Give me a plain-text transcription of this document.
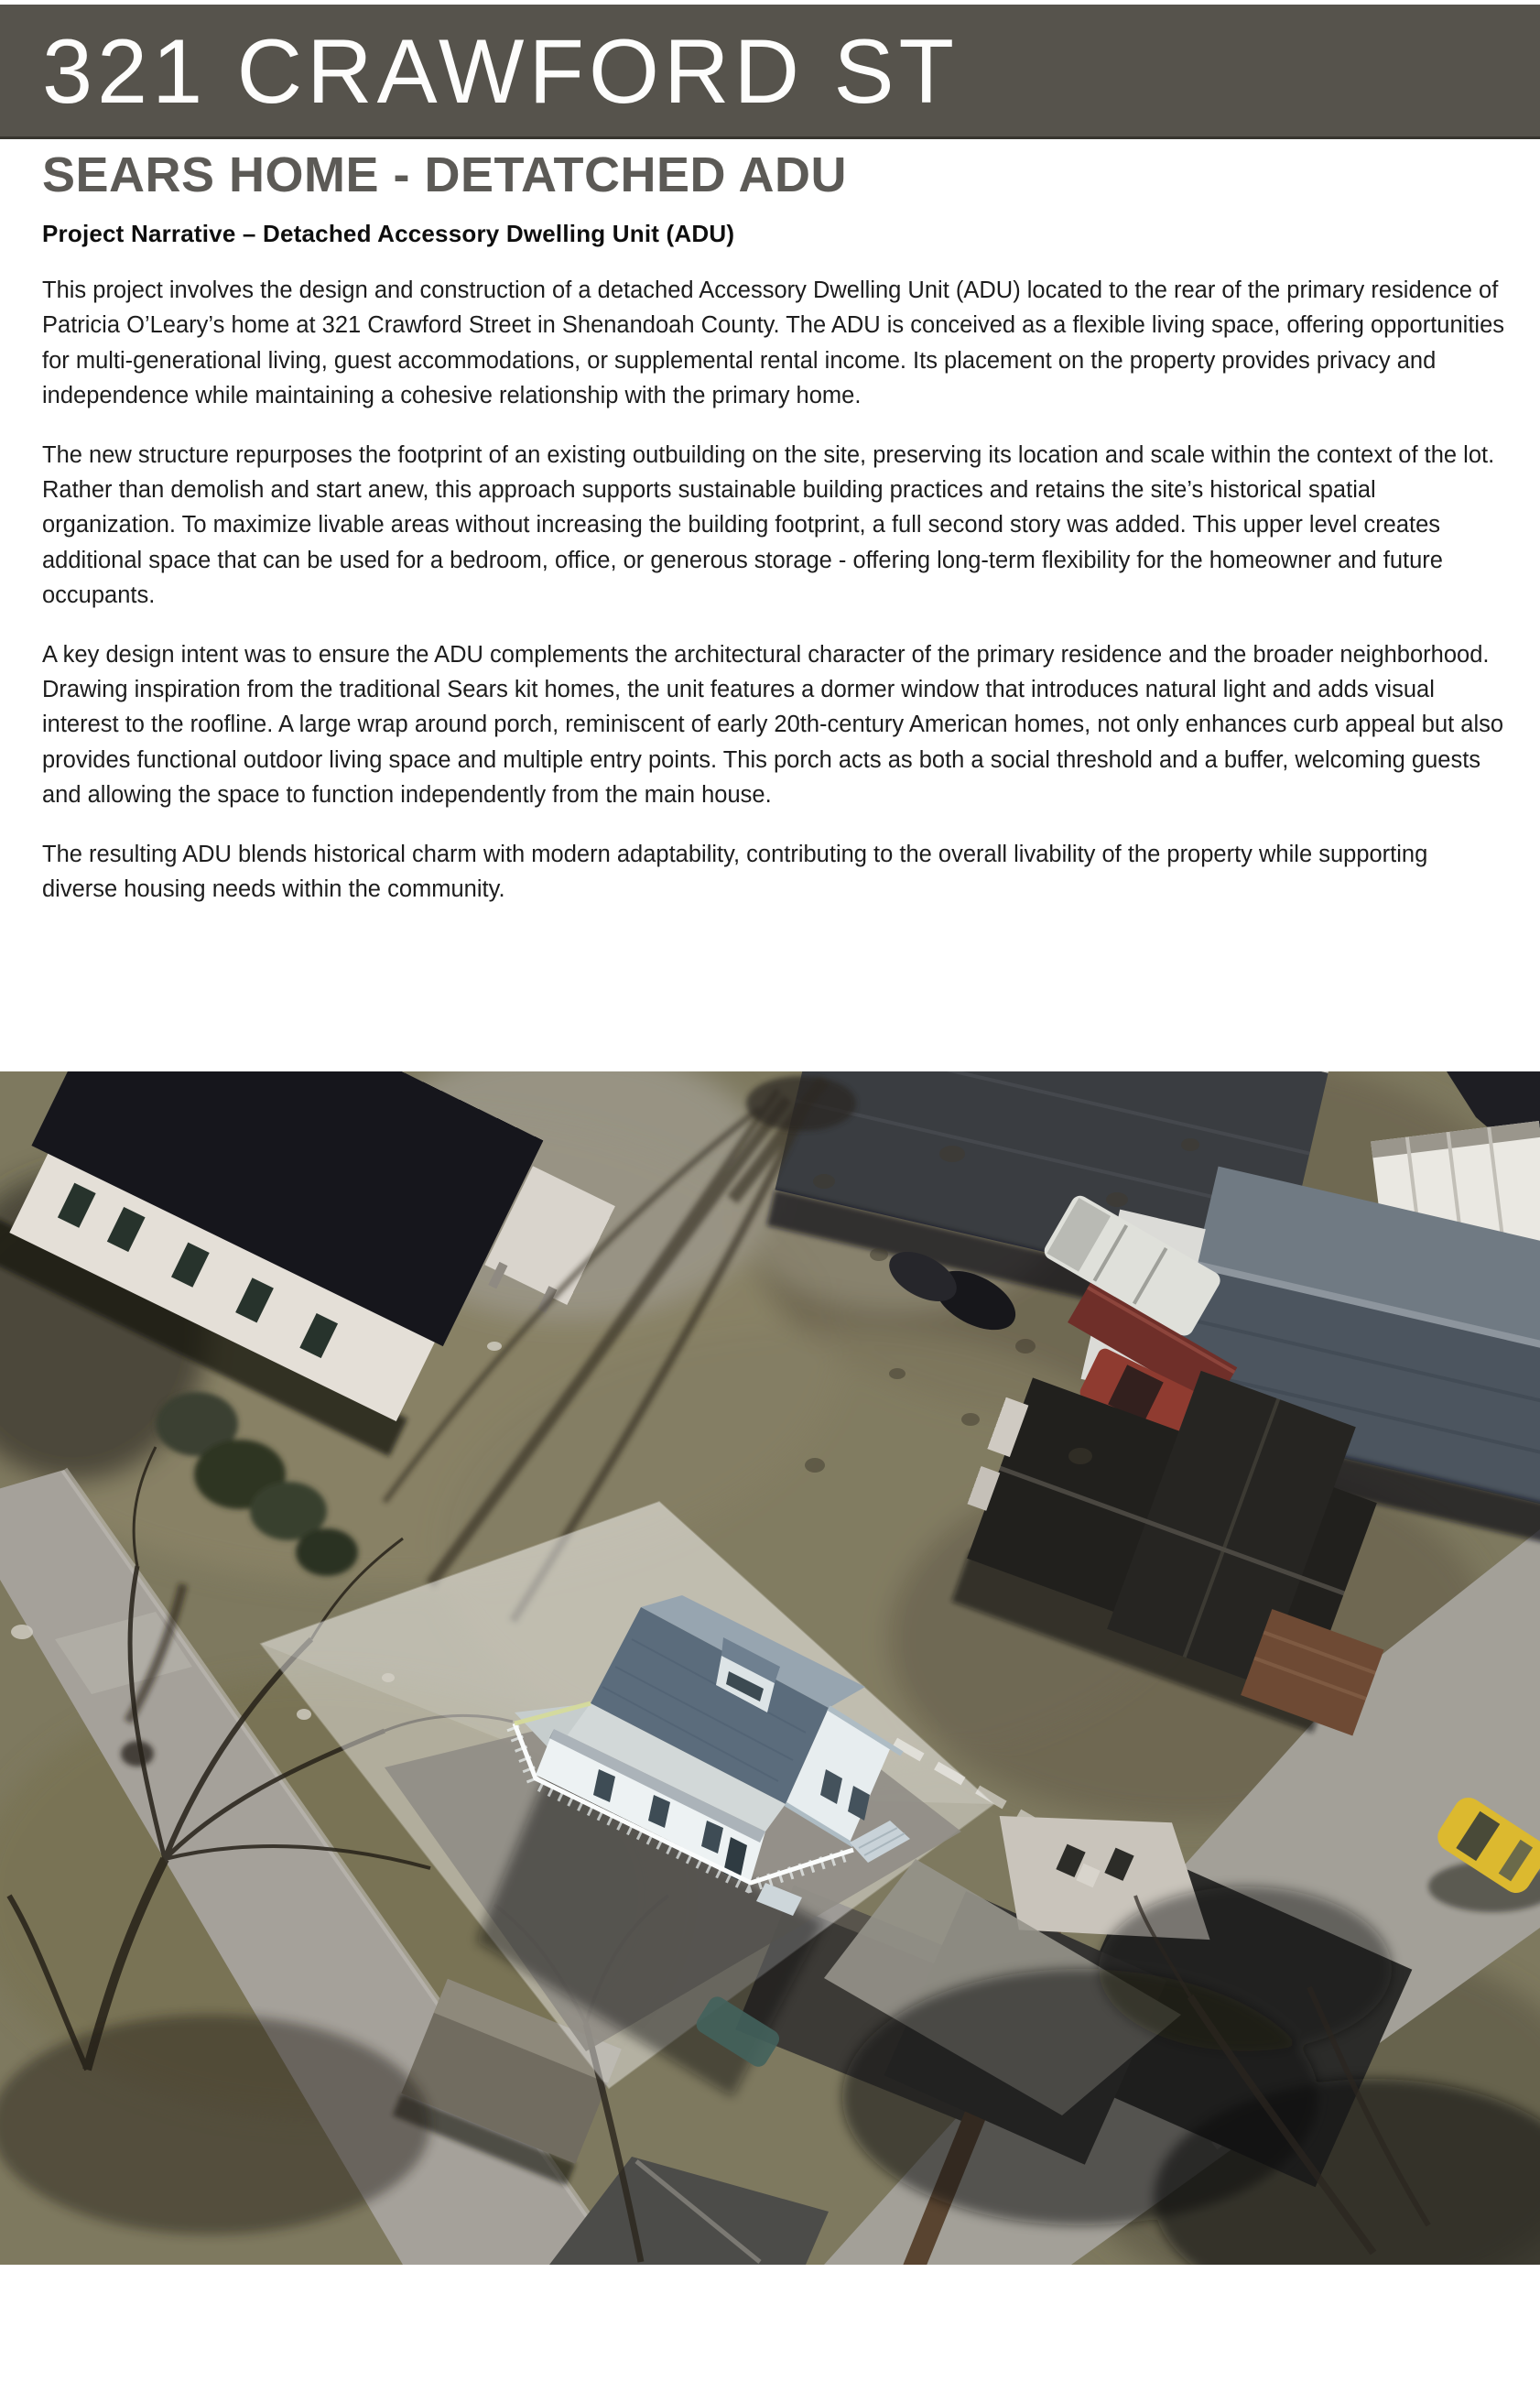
321 CRAWFORD ST
SEARS HOME - DETATCHED ADU
Project Narrative – Detached Accessory Dwelling Unit (ADU)

This project involves the design and construction of a detached Accessory Dwelling Unit (ADU) located to the rear of the primary residence of Patricia O’Leary’s home at 321 Crawford Street in Shenandoah County. The ADU is conceived as a flexible living space, offering opportunities for multi-generational living, guest accommodations, or supplemental rental income. Its placement on the property provides privacy and independence while maintaining a cohesive relationship with the primary home.

The new structure repurposes the footprint of an existing outbuilding on the site, preserving its location and scale within the context of the lot. Rather than demolish and start anew, this approach supports sustainable building practices and retains the site’s historical spatial organization. To maximize livable areas without increasing the building footprint, a full second story was added. This upper level creates additional space that can be used for a bedroom, office, or generous storage - offering long-term flexibility for the homeowner and future occupants.

A key design intent was to ensure the ADU complements the architectural character of the primary residence and the broader neighborhood. Drawing inspiration from the traditional Sears kit homes, the unit features a dormer window that introduces natural light and adds visual interest to the roofline. A large wrap around porch, reminiscent of early 20th-century American homes, not only enhances curb appeal but also provides functional outdoor living space and multiple entry points. This porch acts as both a social threshold and a buffer, welcoming guests and allowing the space to function independently from the main house.

The resulting ADU blends historical charm with modern adaptability, contributing to the overall livability of the property while supporting diverse housing needs within the community.
